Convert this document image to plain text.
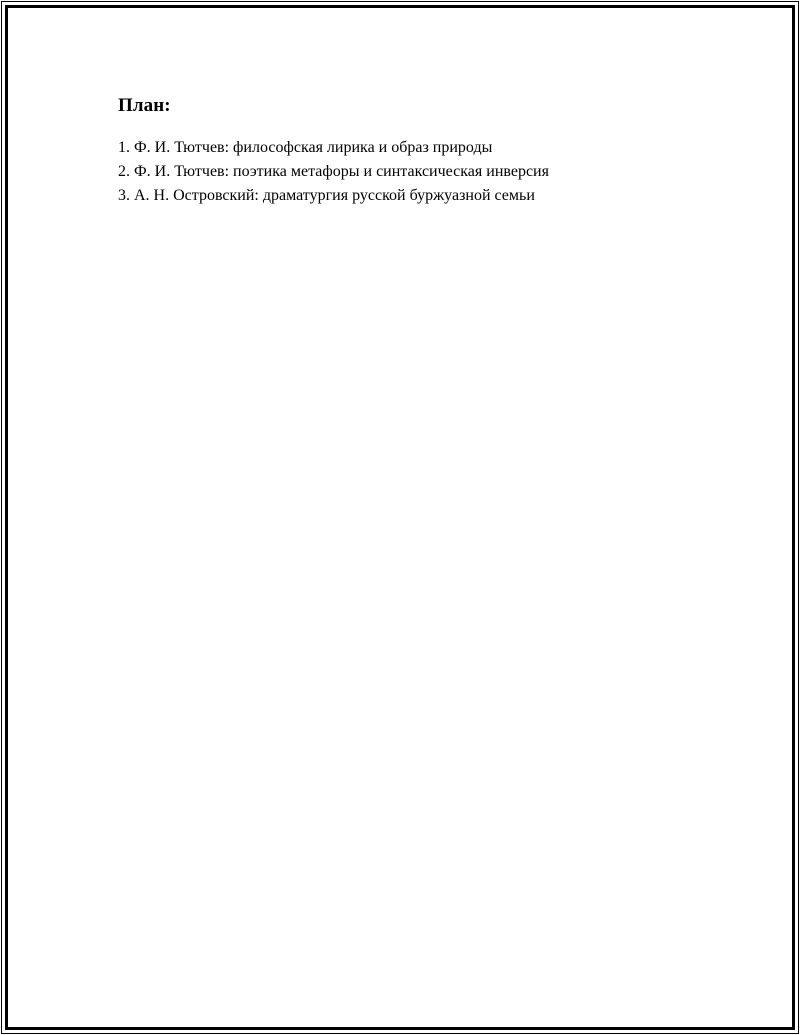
План:
1. Ф. И. Тютчев: философская лирика и образ природы
2. Ф. И. Тютчев: поэтика метафоры и синтаксическая инверсия
3. А. Н. Островский: драматургия русской буржуазной семьи
